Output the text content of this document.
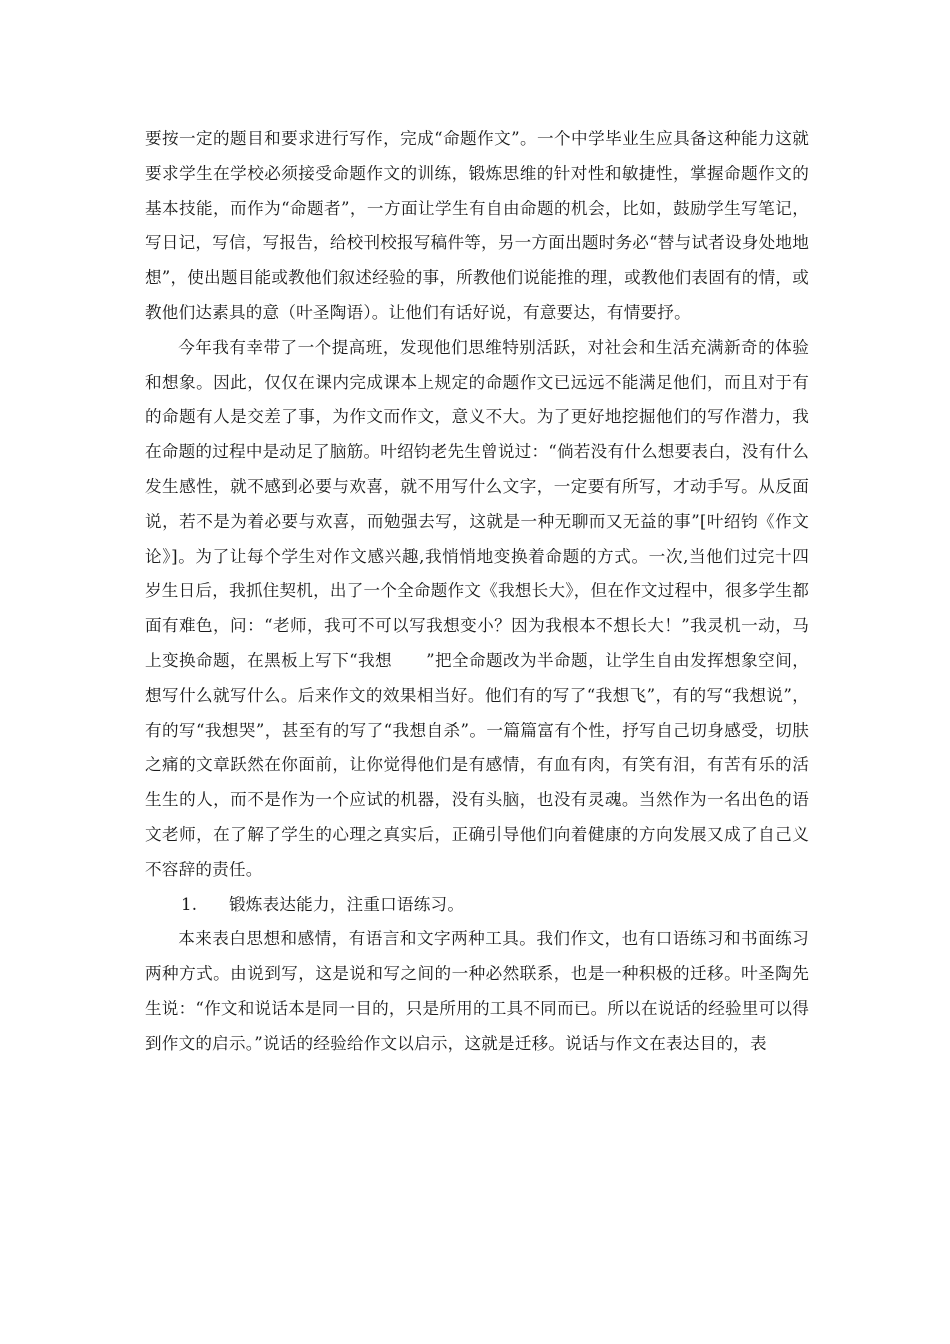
要按一定的题目和要求进行写作，完成“命题作文”。一个中学毕业生应具备这种能力这就要求学生在学校必须接受命题作文的训练，锻炼思维的针对性和敏捷性，掌握命题作文的基本技能，而作为“命题者”，一方面让学生有自由命题的机会，比如，鼓励学生写笔记，写日记，写信，写报告，给校刊校报写稿件等，另一方面出题时务必“替与试者设身处地地想”，使出题目能或教他们叙述经验的事，所教他们说能推的理，或教他们表固有的情，或教他们达素具的意（叶圣陶语）。让他们有话好说，有意要达，有情要抒。

今年我有幸带了一个提高班，发现他们思维特别活跃，对社会和生活充满新奇的体验和想象。因此，仅仅在课内完成课本上规定的命题作文已远远不能满足他们，而且对于有的命题有人是交差了事，为作文而作文，意义不大。为了更好地挖掘他们的写作潜力，我在命题的过程中是动足了脑筋。叶绍钧老先生曾说过：“倘若没有什么想要表白，没有什么发生感性，就不感到必要与欢喜，就不用写什么文字，一定要有所写，才动手写。从反面说，若不是为着必要与欢喜，而勉强去写，这就是一种无聊而又无益的事”[叶绍钧《作文论》]。为了让每个学生对作文感兴趣,我悄悄地变换着命题的方式。一次,当他们过完十四岁生日后，我抓住契机，出了一个全命题作文《我想长大》，但在作文过程中，很多学生都面有难色，问：“老师，我可不可以写我想变小？因为我根本不想长大！”我灵机一动，马上变换命题，在黑板上写下“我想　　”把全命题改为半命题，让学生自由发挥想象空间，想写什么就写什么。后来作文的效果相当好。他们有的写了“我想飞”，有的写“我想说”，有的写“我想哭”，甚至有的写了“我想自杀”。一篇篇富有个性，抒写自己切身感受，切肤之痛的文章跃然在你面前，让你觉得他们是有感情，有血有肉，有笑有泪，有苦有乐的活生生的人，而不是作为一个应试的机器，没有头脑，也没有灵魂。当然作为一名出色的语文老师，在了解了学生的心理之真实后，正确引导他们向着健康的方向发展又成了自己义不容辞的责任。

1.	锻炼表达能力，注重口语练习。

本来表白思想和感情，有语言和文字两种工具。我们作文，也有口语练习和书面练习两种方式。由说到写，这是说和写之间的一种必然联系，也是一种积极的迁移。叶圣陶先生说：“作文和说话本是同一目的，只是所用的工具不同而已。所以在说话的经验里可以得到作文的启示。”说话的经验给作文以启示，这就是迁移。说话与作文在表达目的，表
